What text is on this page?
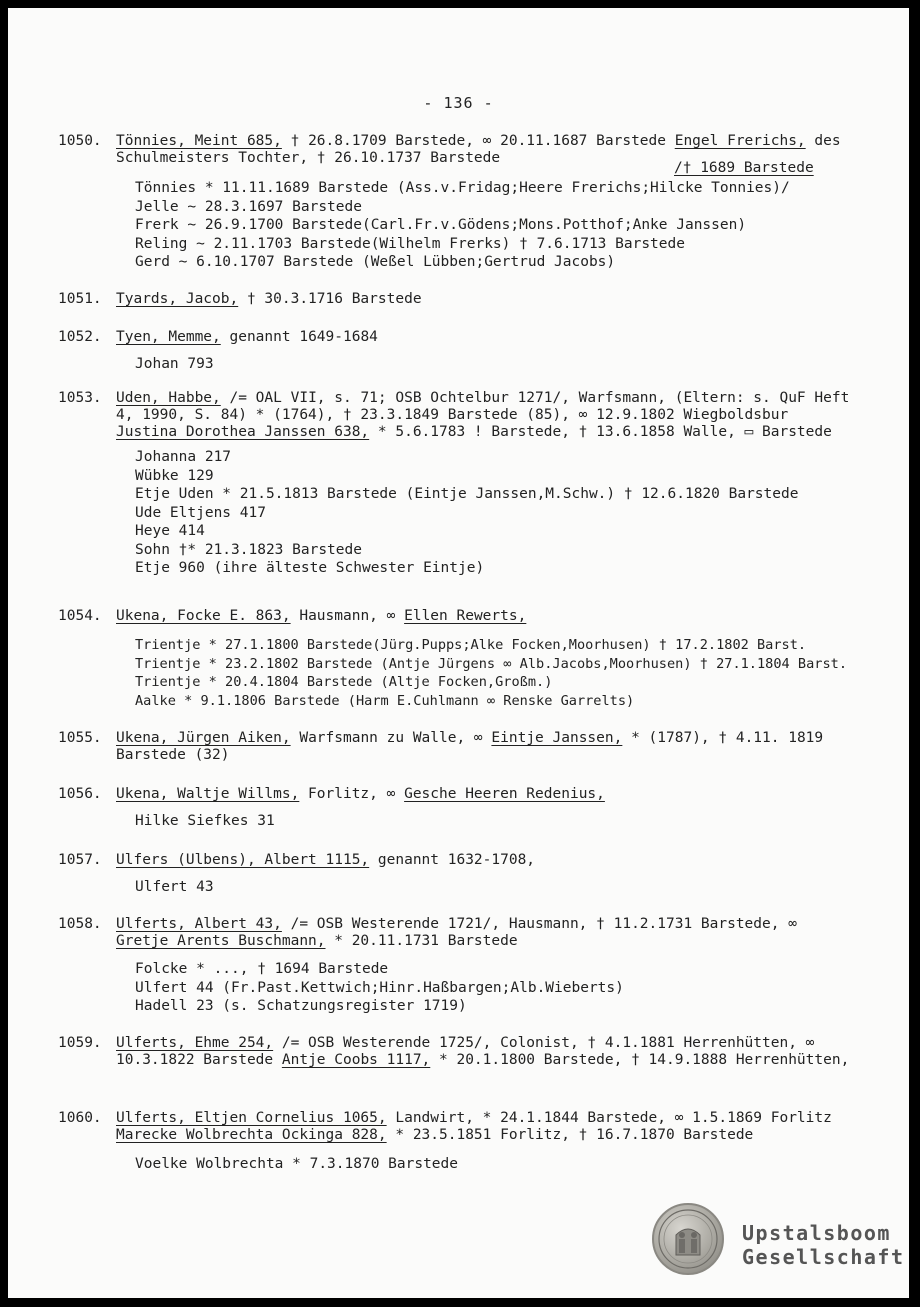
- 136 -
1050. Tönnies, Meint 685, † 26.8.1709 Barstede, ∞ 20.11.1687 Barstede Engel Frerichs, des Schulmeisters Tochter, † 26.10.1737 Barstede
Tönnies * 11.11.1689 Barstede (Ass.v.Fridag;Heere Frerichs;Hilcke Tonnies)/
Jelle ~ 28.3.1697 Barstede
Frerk ~ 26.9.1700 Barstede(Carl.Fr.v.Gödens;Mons.Potthof;Anke Janssen)
Reling ~ 2.11.1703 Barstede(Wilhelm Frerks) † 7.6.1713 Barstede
Gerd ~ 6.10.1707 Barstede (Weßel Lübben;Gertrud Jacobs)
/† 1689 Barstede
1051. Tyards, Jacob, † 30.3.1716 Barstede
1052. Tyen, Memme, genannt 1649-1684
Johan 793
1053. Uden, Habbe, /= OAL VII, s. 71; OSB Ochtelbur 1271/, Warfsmann, (Eltern: s. QuF Heft 4, 1990, S. 84) * (1764), † 23.3.1849 Barstede (85), ∞ 12.9.1802 Wiegboldsbur Justina Dorothea Janssen 638, * 5.6.1783 ! Barstede, † 13.6.1858 Walle, ▭ Barstede
Johanna 217
Wübke 129
Etje Uden * 21.5.1813 Barstede (Eintje Janssen,M.Schw.) † 12.6.1820 Barstede
Ude Eltjens 417
Heye 414
Sohn †* 21.3.1823 Barstede
Etje 960 (ihre älteste Schwester Eintje)
1054. Ukena, Focke E. 863, Hausmann, ∞ Ellen Rewerts,
Trientje * 27.1.1800 Barstede(Jürg.Pupps;Alke Focken,Moorhusen) † 17.2.1802 Barst.
Trientje * 23.2.1802 Barstede (Antje Jürgens ∞ Alb.Jacobs,Moorhusen) † 27.1.1804 Barst.
Trientje * 20.4.1804 Barstede (Altje Focken,Großm.)
Aalke * 9.1.1806 Barstede (Harm E.Cuhlmann ∞ Renske Garrelts)
1055. Ukena, Jürgen Aiken, Warfsmann zu Walle, ∞ Eintje Janssen, * (1787), † 4.11. 1819 Barstede (32)
1056. Ukena, Waltje Willms, Forlitz, ∞ Gesche Heeren Redenius,
Hilke Siefkes 31
1057. Ulfers (Ulbens), Albert 1115, genannt 1632-1708,
Ulfert 43
1058. Ulferts, Albert 43, /= OSB Westerende 1721/, Hausmann, † 11.2.1731 Barstede, ∞ Gretje Arents Buschmann, * 20.11.1731 Barstede
Folcke * ..., † 1694 Barstede
Ulfert 44 (Fr.Past.Kettwich;Hinr.Haßbargen;Alb.Wieberts)
Hadell 23 (s. Schatzungsregister 1719)
1059. Ulferts, Ehme 254, /= OSB Westerende 1725/, Colonist, † 4.1.1881 Herrenhütten, ∞ 10.3.1822 Barstede Antje Coobs 1117, * 20.1.1800 Barstede, † 14.9.1888 Herrenhütten,
1060. Ulferts, Eltjen Cornelius 1065, Landwirt, * 24.1.1844 Barstede, ∞ 1.5.1869 Forlitz Marecke Wolbrechta Ockinga 828, * 23.5.1851 Forlitz, † 16.7.1870 Barstede
Voelke Wolbrechta * 7.3.1870 Barstede
Upstalsboom
Gesellschaft
